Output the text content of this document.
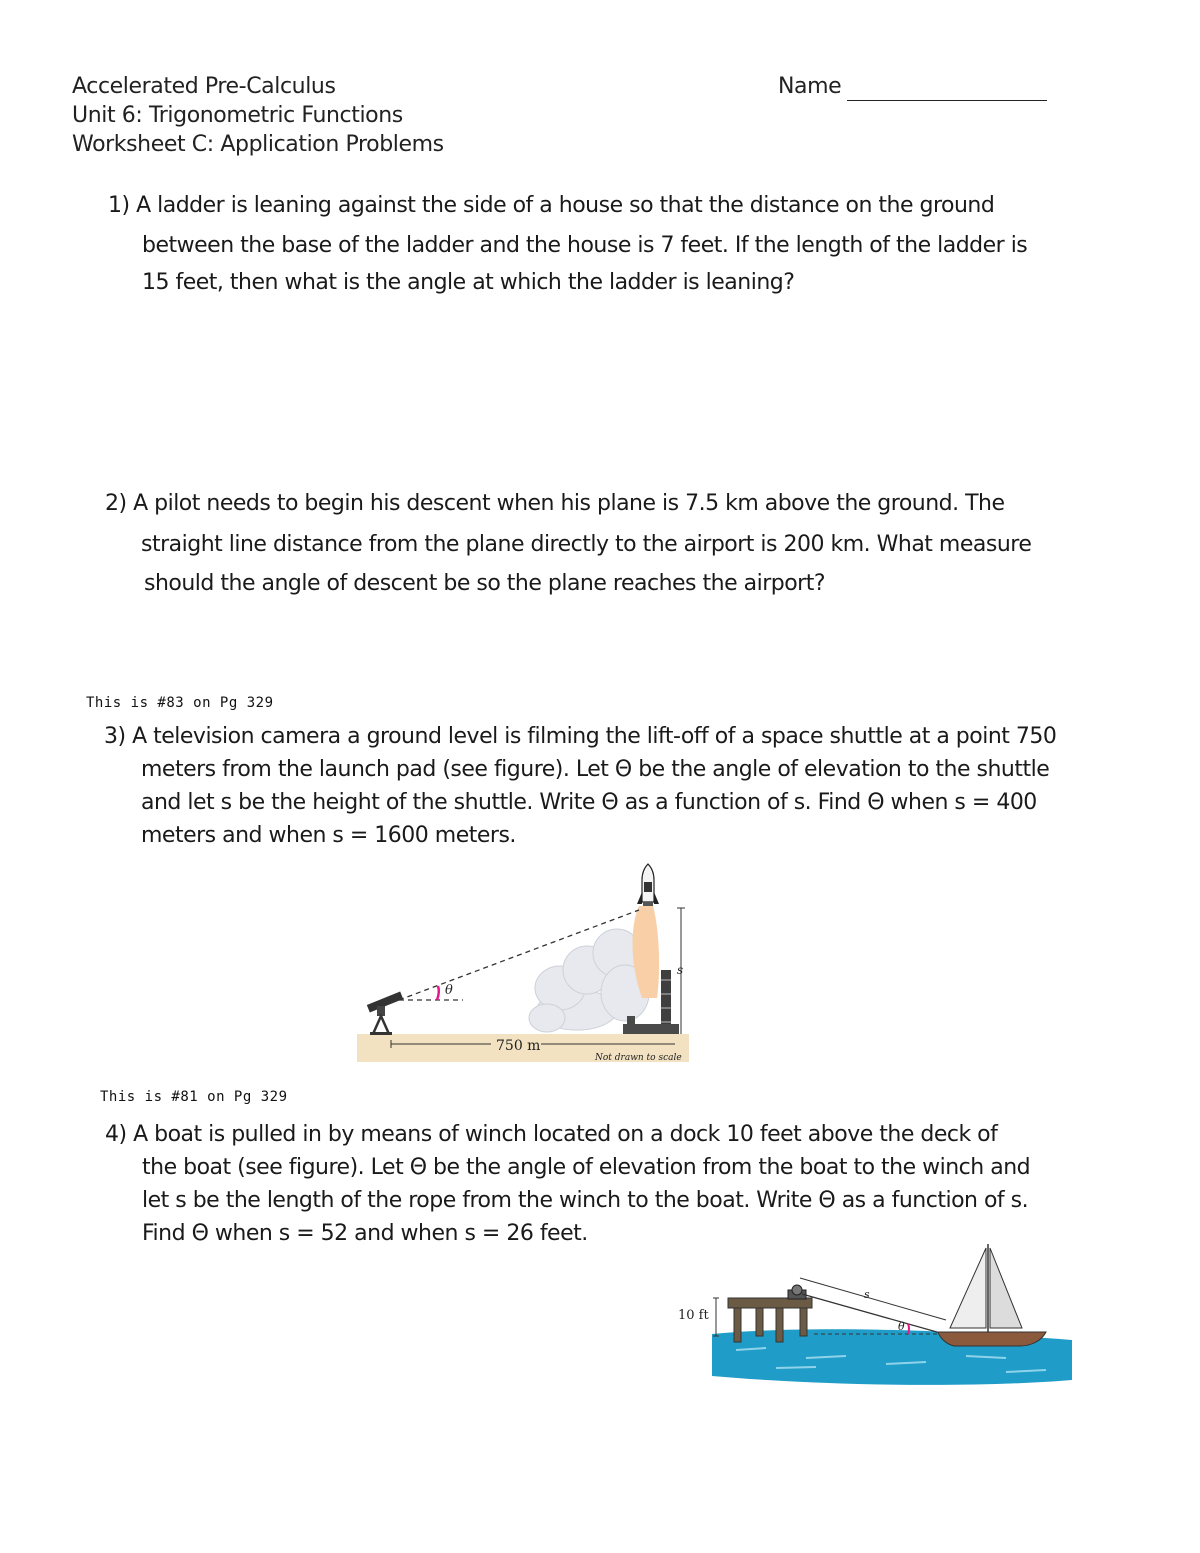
Accelerated Pre-Calculus
Unit 6: Trigonometric Functions
Worksheet C: Application Problems
Name
1) A ladder is leaning against the side of a house so that the distance on the ground
between the base of the ladder and the house is 7 feet. If the length of the ladder is
15 feet, then what is the angle at which the ladder is leaning?
2) A pilot needs to begin his descent when his plane is 7.5 km above the ground. The
straight line distance from the plane directly to the airport is 200 km. What measure
should the angle of descent be so the plane reaches the airport?
This is #83 on Pg 329
3) A television camera a ground level is filming the lift-off of a space shuttle at a point 750
meters from the launch pad (see figure). Let Θ be the angle of elevation to the shuttle
and let s be the height of the shuttle. Write Θ as a function of s. Find Θ when s = 400
meters and when s = 1600 meters.
θ
s
750 m
Not drawn to scale
This is #81 on Pg 329
4) A boat is pulled in by means of winch located on a dock 10 feet above the deck of
the boat (see figure). Let Θ be the angle of elevation from the boat to the winch and
let s be the length of the rope from the winch to the boat. Write Θ as a function of s.
Find Θ when s = 52 and when s = 26 feet.
10 ft
s
θ
